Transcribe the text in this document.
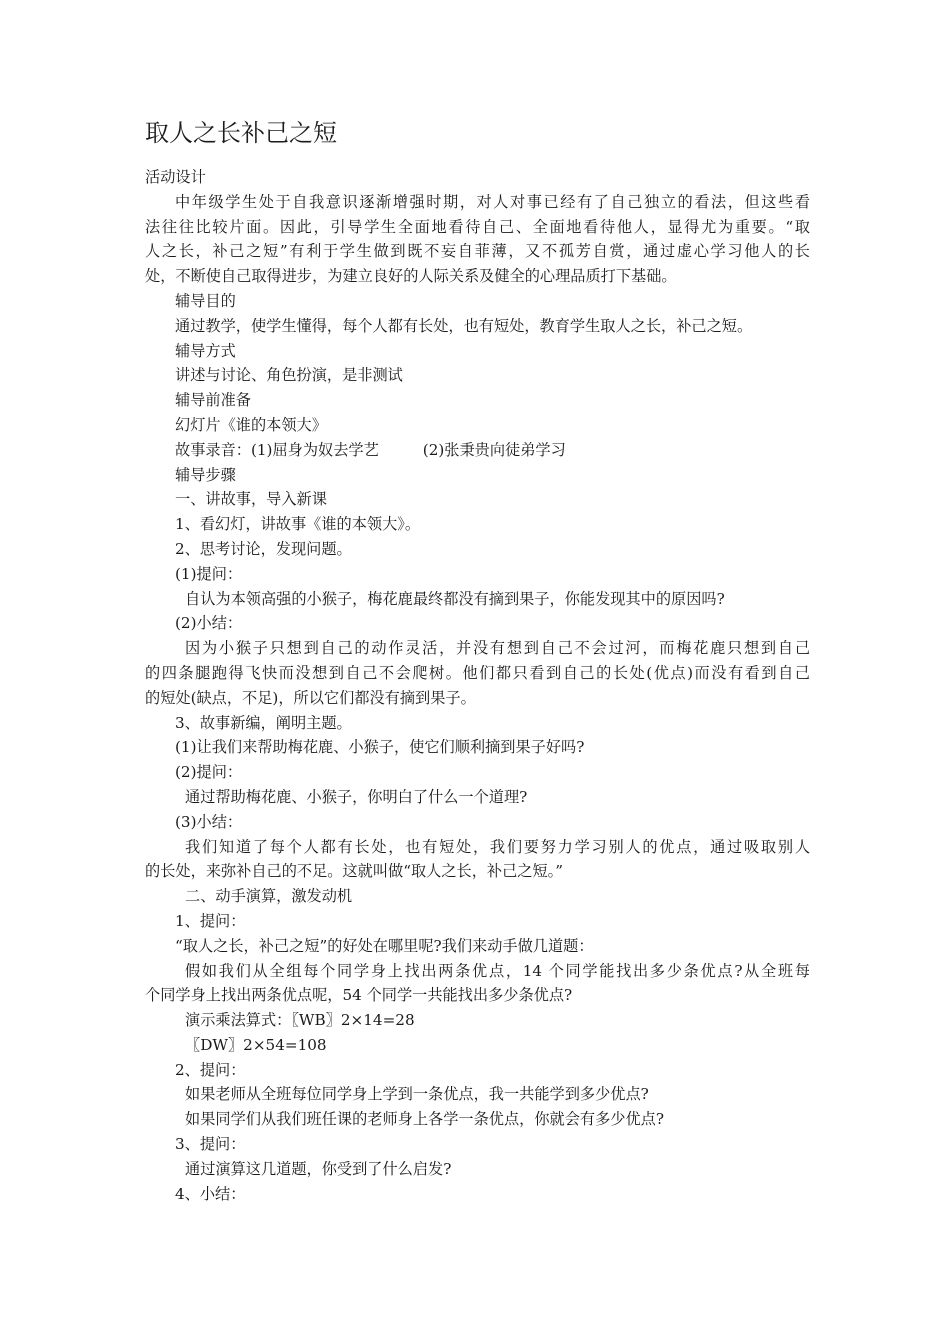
取人之长补己之短

活动设计

中年级学生处于自我意识逐渐增强时期，对人对事已经有了自己独立的看法，但这些看

法往往比较片面。因此，引导学生全面地看待自己、全面地看待他人，显得尤为重要。“取

人之长，补己之短”有利于学生做到既不妄自菲薄，又不孤芳自赏，通过虚心学习他人的长

处，不断使自己取得进步，为建立良好的人际关系及健全的心理品质打下基础。

辅导目的

通过教学，使学生懂得，每个人都有长处，也有短处，教育学生取人之长，补己之短。

辅导方式

讲述与讨论、角色扮演，是非测试

辅导前准备

幻灯片《谁的本领大》

故事录音：(1)屈身为奴去学艺	(2)张秉贵向徒弟学习

辅导步骤

一、讲故事，导入新课

1、看幻灯，讲故事《谁的本领大》。

2、思考讨论，发现问题。

(1)提问：

自认为本领高强的小猴子，梅花鹿最终都没有摘到果子，你能发现其中的原因吗?

(2)小结：

因为小猴子只想到自己的动作灵活，并没有想到自己不会过河，而梅花鹿只想到自己

的四条腿跑得飞快而没想到自己不会爬树。他们都只看到自己的长处(优点)而没有看到自己

的短处(缺点，不足)，所以它们都没有摘到果子。

3、故事新编，阐明主题。

(1)让我们来帮助梅花鹿、小猴子，使它们顺利摘到果子好吗?

(2)提问：

通过帮助梅花鹿、小猴子，你明白了什么一个道理?

(3)小结：

我们知道了每个人都有长处，也有短处，我们要努力学习别人的优点，通过吸取别人

的长处，来弥补自己的不足。这就叫做“取人之长，补己之短。”

二、动手演算，激发动机

1、提问：

“取人之长，补己之短”的好处在哪里呢?我们来动手做几道题：

假如我们从全组每个同学身上找出两条优点，14 个同学能找出多少条优点?从全班每

个同学身上找出两条优点呢，54 个同学一共能找出多少条优点?

演示乘法算式：〖WB〗2×14=28

〖DW〗2×54=108

2、提问：

如果老师从全班每位同学身上学到一条优点，我一共能学到多少优点?

如果同学们从我们班任课的老师身上各学一条优点，你就会有多少优点?

3、提问：

通过演算这几道题，你受到了什么启发?

4、小结：
